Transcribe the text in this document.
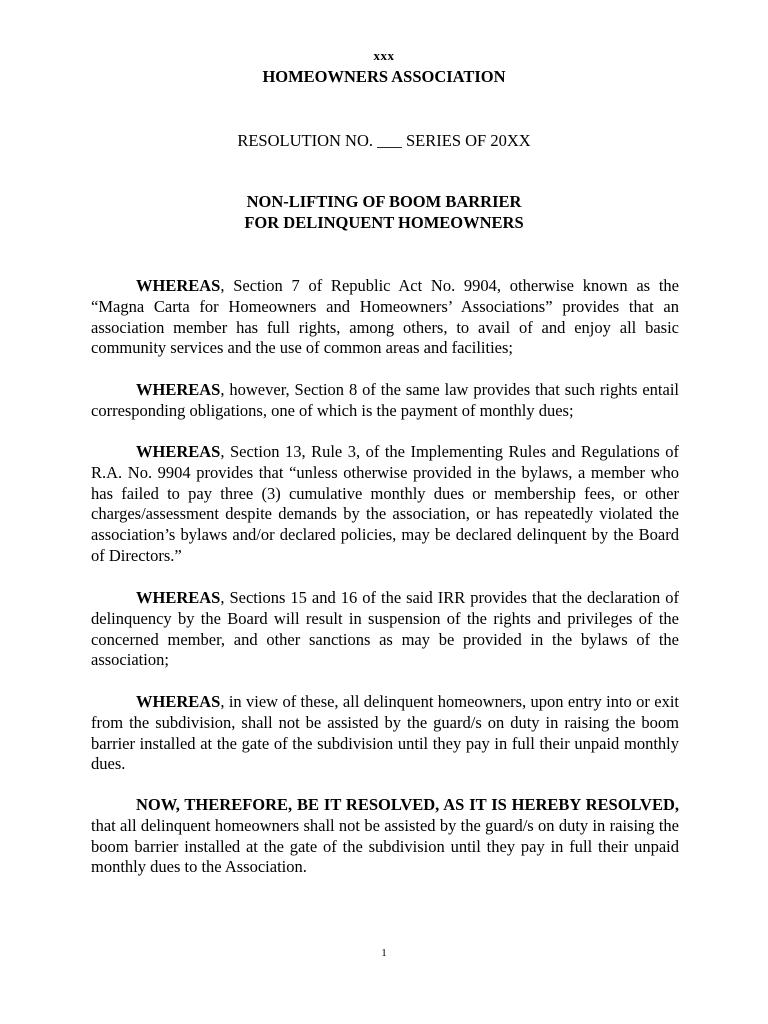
xxx
HOMEOWNERS ASSOCIATION
RESOLUTION NO. ___ SERIES OF 20XX
NON-LIFTING OF BOOM BARRIER
FOR DELINQUENT HOMEOWNERS

WHEREAS, Section 7 of Republic Act No. 9904, otherwise known as the “Magna Carta for Homeowners and Homeowners’ Associations” provides that an association member has full rights, among others, to avail of and enjoy all basic community services and the use of common areas and facilities;

WHEREAS, however, Section 8 of the same law provides that such rights entail corresponding obligations, one of which is the payment of monthly dues;

WHEREAS, Section 13, Rule 3, of the Implementing Rules and Regulations of R.A. No. 9904 provides that “unless otherwise provided in the bylaws, a member who has failed to pay three (3) cumulative monthly dues or membership fees, or other charges/assessment despite demands by the association, or has repeatedly violated the association’s bylaws and/or declared policies, may be declared delinquent by the Board of Directors.”

WHEREAS, Sections 15 and 16 of the said IRR provides that the declaration of delinquency by the Board will result in suspension of the rights and privileges of the concerned member, and other sanctions as may be provided in the bylaws of the association;

WHEREAS, in view of these, all delinquent homeowners, upon entry into or exit from the subdivision, shall not be assisted by the guard/s on duty in raising the boom barrier installed at the gate of the subdivision until they pay in full their unpaid monthly dues.

NOW, THEREFORE, BE IT RESOLVED, AS IT IS HEREBY RESOLVED, that all delinquent homeowners shall not be assisted by the guard/s on duty in raising the boom barrier installed at the gate of the subdivision until they pay in full their unpaid monthly dues to the Association.

1
